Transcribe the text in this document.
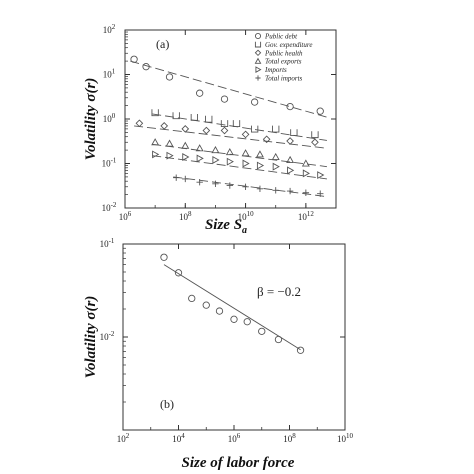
$10^6$	$10^8$	$10^{10}$	$10^{12}$
$10^{-2}$
$10^{-1}$
$10^0$
$10^1$
$10^2$
(a)
Public debt
Gov. expenditure
Public health
Total exports
Imports
Total imports
Volatility σ(r)
Size $S_a$
$10^2$	$10^4$	$10^6$	$10^8$	$10^{10}$
$10^{-2}$
$10^{-1}$
(b)
β = −0.2
Volatility σ(r)
Size of labor force
